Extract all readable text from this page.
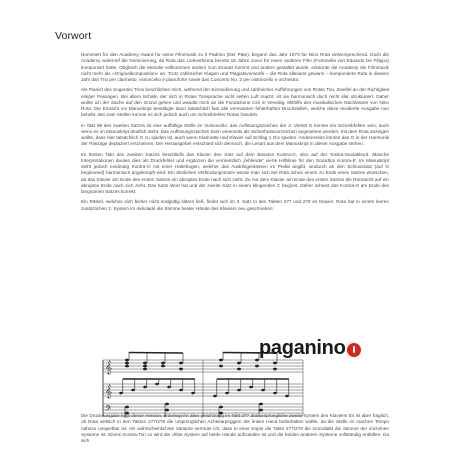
Vorwort

Nominiert für den Academy Award für seine Filmmusik zu Il Padrino (Der Pate), begann das Jahr 1973 für Nino Rota vielversprechend. Doch die Academy widerrief die Nominierung, da Rota das Liebesthema bereits 15 Jahre zuvor für einen anderen Film (Fortunella von Eduardo De Filippo) komponiert hatte. Obgleich die Melodie vollkommen anders zum Einsatz kommt und anders gestaltet wurde, erkannte die Academy die Filmmusik nicht mehr als »Originalkomposition« an. Trotz zahlreicher Klagen und Plagiatsvorwürfe – die Rota allesamt gewann – komponierte Rota in diesem Jahr das Trio per clarinetto, violoncello e pianoforte sowie das Concerto No. 2 per violoncello e orchestra.

Als Pianist des Sogentini Trios beschlichen mich, während der Einstudierung und zahlreicher Aufführungen von Rotas Trio, Zweifel an der Richtigkeit einiger Passagen. Bei allem Schalk, der sich in Rotas Tonsprache nicht selten Luft macht, ist sie harmonisch doch recht klar strukturiert. Daher wollte ich der Sache auf den Grund gehen und wandte mich an die Fondazione Cini in Venedig. Mithilfe des musikalischen Nachlasses von Nino Rota. Die Einsicht ins Manuskript bestätigte dann tatsächlich fast alle vermuteten fehlerhaften Druckstellen, welche diese revidierte Ausgabe nun behebt. Bei zwei Stellen konnte es sich jedoch auch um Schreibfehler Rotas handeln.

In Takt 98 des zweiten Satzes ist eine auffällige Stelle im Violoncello: das Auflösungszeichen der 2. Viertel G könnte ein Schreibfehler sein, auch wenn es im Manuskript deutlich steht. Das Auflösungszeichen kann einerseits als Sicherheitsvorzeichen angesehen werden, mit dem Rota anzeigen wollte, dass hier tatsächlich G zu spielen ist, auch wenn Klarinette und Klavier auf Schlag 1 Gis spielen. Andererseits könnte das G in der Harmonik der Passage deplaziert erscheinen. Der Herausgeber entschied sich dennoch, die Lesart aus dem Manuskript in dieser Ausgabe stehen.

Im letzten Takt des zweiten Satzes beschließt das Klavier den Satz auf dem Basston Kontra-G, also auf der Tonika-Sextakkord. Manche Interpretationen deuten dies als Druckfehler und ergänzen die vermeintlich „fehlende“ vierte Hilfslinie für den Grundton Kontra-E. Im Manuskript steht jedoch eindeutig Kontra-G mit einer Haltebogen, welcher das Ausklingenlassen im Pedal angibt, wodurch an den Schlusssatz (auf G beginnend) harmonisch angeknüpft wird. Ein ähnliches Verbindungsmotiv würde man sich bei Rota schon einem zu Ende eines Satzes wünschen, da das Klavier am Ende des ersten Satzes ein abruptes Ende nach sich zieht. Zu nur dem Klavier am Ende des ersten Satzes die Rücksicht auf ein abruptes Ende nach sich zieht. Das harte Wort hat und der zweite Satz in einem klingenden C beginnt. Daher scheint das Kontra-G am Ende des langsamen Satzes korrekt.

Ein Rätsel, welches sich bisher nicht endgültig klären ließ, findet sich im 3. Satz in den Takten 277 und 278 im Klavier. Rota hat in einem leeren zusätzlichen 3. System im Akkoladé die Stimme beider Hände des Klaviers neu geschrieben:

𝄞
𝄞
𝄢
paganino
Die Druckausgabe folgt dieser Version, unterlegt ihr aber gleichzeitig im Takt 277 das ursprüngliche zweite System des Klaviers! Es ist aber fraglich, ob Rota wirklich in den Takten 277/278 die ursprünglichen Achtelarpeggien der linken Hand beibehalten wollte, da die Stelle im raschen Tempo nahezu unspielbar ist. Als wahrscheinlichste Variante vermute ich, dass in einer Kopie die Takte 277/278 die Grundtakt die Stimme der einzelnen Systeme ist. Einem Kontra-Ton so wird der dritte System auf beide Hände aufzuteilen ist und die beiden anderen Systeme vollständig entfallen. Da sich
